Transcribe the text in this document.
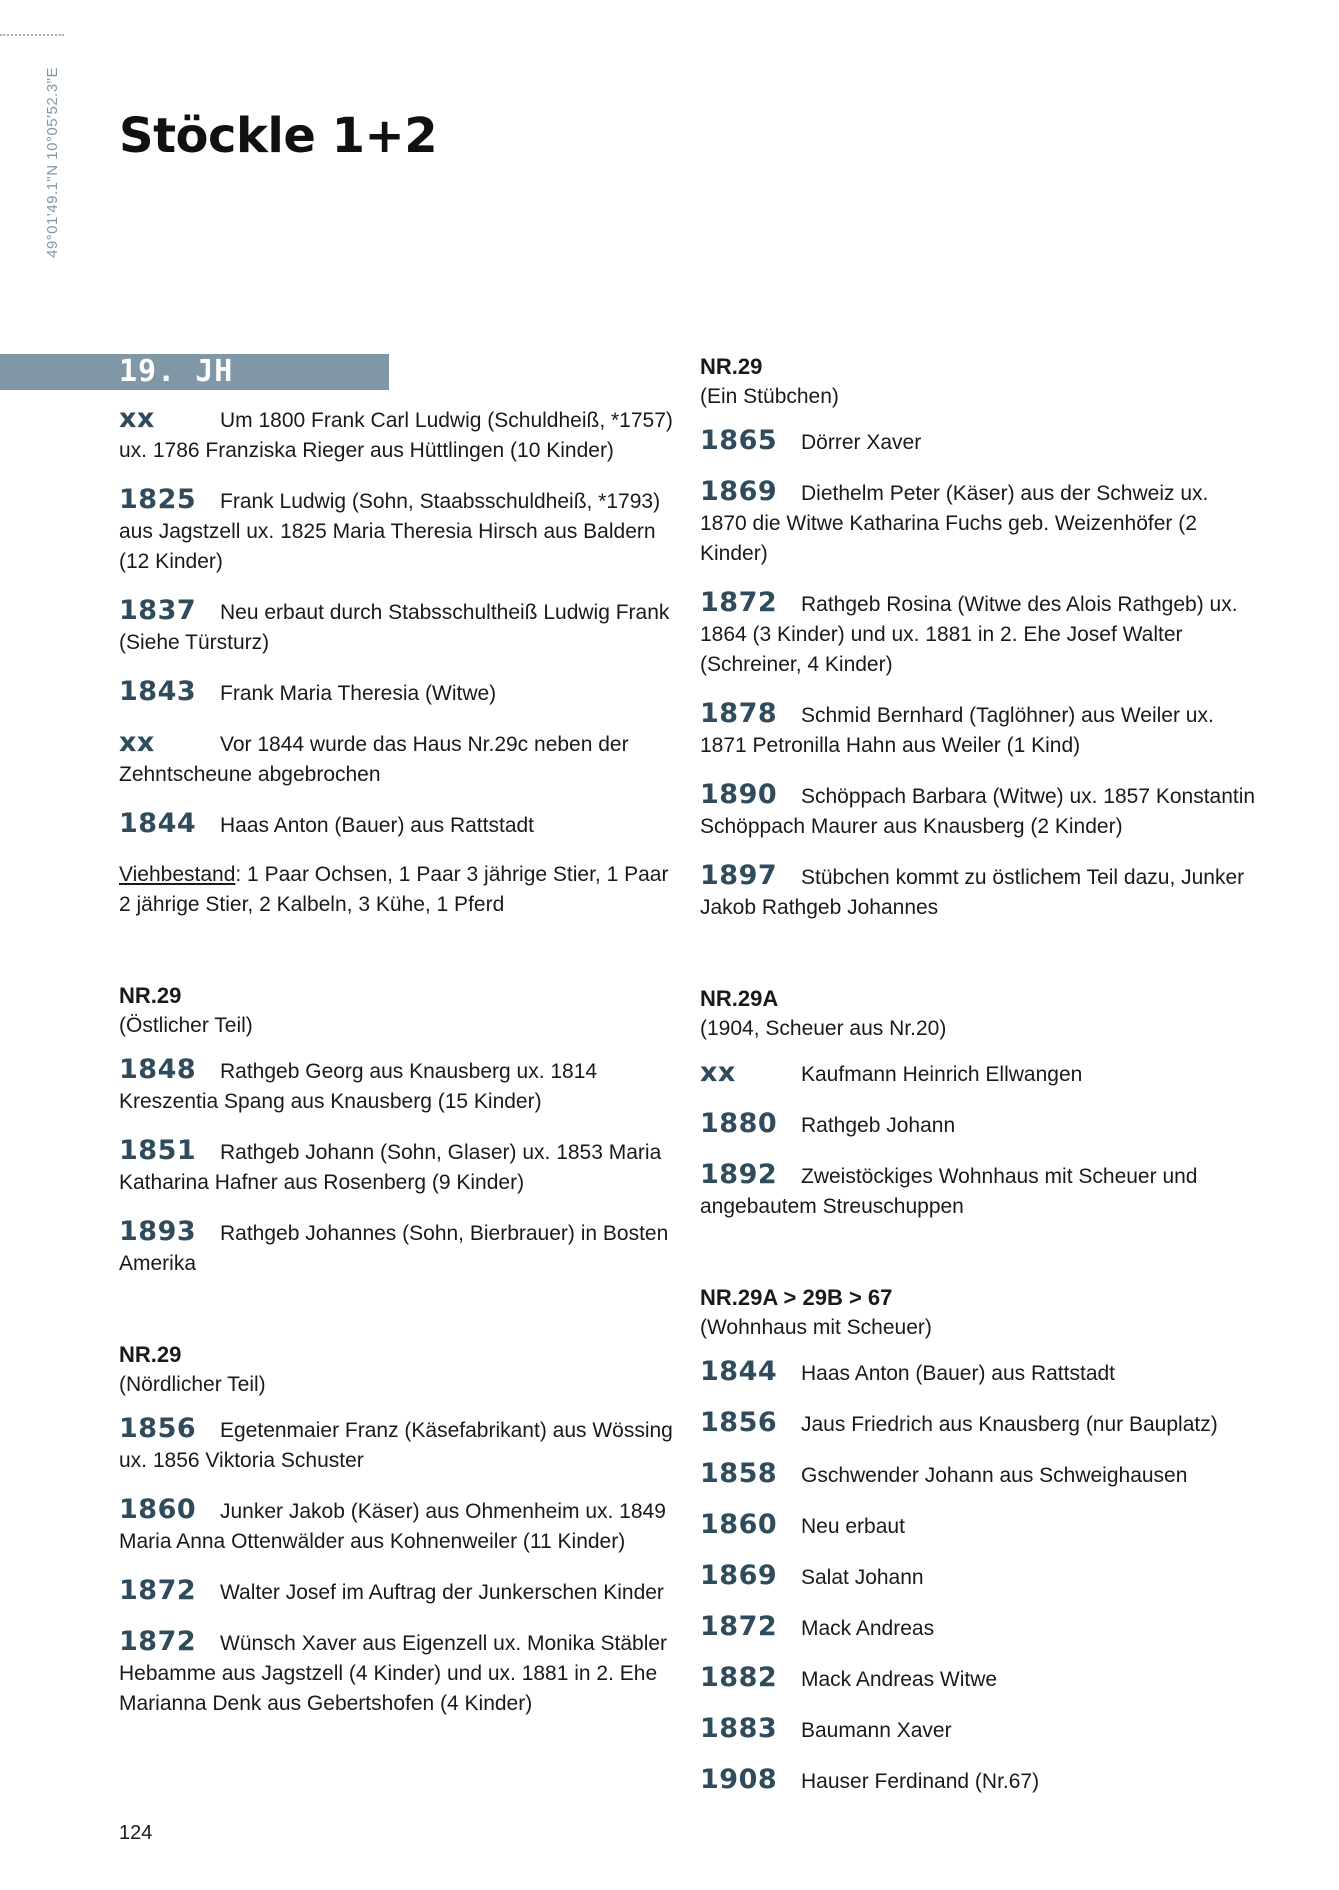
49°01'49.1"N 10°05'52.3"E Stöckle 1+2
19. JH
xx	Um 1800 Frank Carl Ludwig (Schuldheiß, *1757) ux. 1786 Franziska Rieger aus Hüttlingen (10 Kinder)
1825 Frank Ludwig (Sohn, Staabsschuldheiß, *1793) aus Jagstzell ux. 1825 Maria Theresia Hirsch aus Baldern (12 Kinder)
1837 Neu erbaut durch Stabsschultheiß Ludwig Frank (Siehe Türsturz)
1843 Frank Maria Theresia (Witwe)
xx	Vor 1844 wurde das Haus Nr.29c neben der Zehntscheune abgebrochen
1844 Haas Anton (Bauer) aus Rattstadt
Viehbestand: 1 Paar Ochsen, 1 Paar 3 jährige Stier, 1 Paar 2 jährige Stier, 2 Kalbeln, 3 Kühe, 1 Pferd
NR.29
(Östlicher Teil)
1848 Rathgeb Georg aus Knausberg ux. 1814 Kreszentia Spang aus Knausberg (15 Kinder)
1851 Rathgeb Johann (Sohn, Glaser) ux. 1853 Maria Katharina Hafner aus Rosenberg (9 Kinder)
1893 Rathgeb Johannes (Sohn, Bierbrauer) in Bosten Amerika
NR.29
(Nördlicher Teil)
1856 Egetenmaier Franz (Käsefabrikant) aus Wössing ux. 1856 Viktoria Schuster
1860 Junker Jakob (Käser) aus Ohmenheim ux. 1849 Maria Anna Ottenwälder aus Kohnenweiler (11 Kinder)
1872 Walter Josef im Auftrag der Junkerschen Kinder
1872 Wünsch Xaver aus Eigenzell ux. Monika Stäbler Hebamme aus Jagstzell (4 Kinder) und ux. 1881 in 2. Ehe Marianna Denk aus Gebertshofen (4 Kinder)
NR.29
(Ein Stübchen)
1865 Dörrer Xaver
1869 Diethelm Peter (Käser) aus der Schweiz ux. 1870 die Witwe Katharina Fuchs geb. Weizenhöfer (2 Kinder)
1872 Rathgeb Rosina (Witwe des Alois Rathgeb) ux. 1864 (3 Kinder) und ux. 1881 in 2. Ehe Josef Walter (Schreiner, 4 Kinder)
1878 Schmid Bernhard (Taglöhner) aus Weiler ux. 1871 Petronilla Hahn aus Weiler (1 Kind)
1890 Schöppach Barbara (Witwe) ux. 1857 Konstantin Schöppach Maurer aus Knausberg (2 Kinder)
1897 Stübchen kommt zu östlichem Teil dazu, Junker Jakob Rathgeb Johannes
NR.29A
(1904, Scheuer aus Nr.20)
xx	Kaufmann Heinrich Ellwangen
1880 Rathgeb Johann
1892 Zweistöckiges Wohnhaus mit Scheuer und angebautem Streuschuppen
NR.29A > 29B > 67
(Wohnhaus mit Scheuer)
1844 Haas Anton (Bauer) aus Rattstadt
1856 Jaus Friedrich aus Knausberg (nur Bauplatz)
1858 Gschwender Johann aus Schweighausen
1860 Neu erbaut
1869 Salat Johann
1872 Mack Andreas
1882 Mack Andreas Witwe
1883 Baumann Xaver
1908 Hauser Ferdinand (Nr.67)
124
